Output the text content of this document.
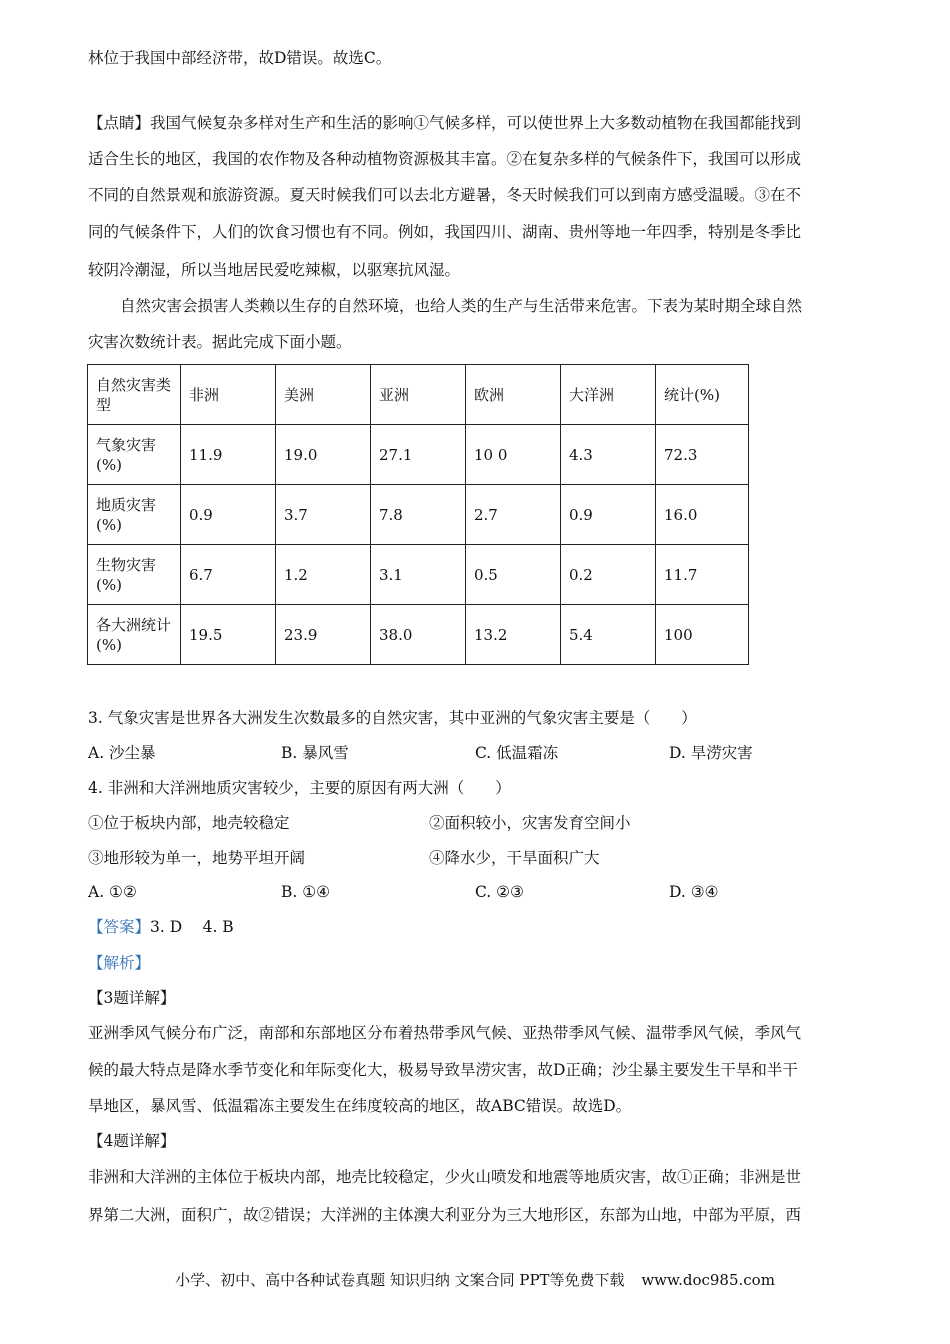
林位于我国中部经济带，故D错误。故选C。
【点睛】我国气候复杂多样对生产和生活的影响①气候多样，可以使世界上大多数动植物在我国都能找到
适合生长的地区，我国的农作物及各种动植物资源极其丰富。②在复杂多样的气候条件下，我国可以形成
不同的自然景观和旅游资源。夏天时候我们可以去北方避暑，冬天时候我们可以到南方感受温暖。③在不
同的气候条件下，人们的饮食习惯也有不同。例如，我国四川、湖南、贵州等地一年四季，特别是冬季比
较阴冷潮湿，所以当地居民爱吃辣椒，以驱寒抗风湿。
自然灾害会损害人类赖以生存的自然环境，也给人类的生产与生活带来危害。下表为某时期全球自然
灾害次数统计表。据此完成下面小题。
自然灾害类型	非洲	美洲	亚洲	欧洲	大洋洲	统计(%)
气象灾害(%)	11.9	19.0	27.1	10 0	4.3	72.3
地质灾害(%)	0.9	3.7	7.8	2.7	0.9	16.0
生物灾害(%)	6.7	1.2	3.1	0.5	0.2	11.7
各大洲统计(%)	19.5	23.9	38.0	13.2	5.4	100
3. 气象灾害是世界各大洲发生次数最多的自然灾害，其中亚洲的气象灾害主要是（　　）
A. 沙尘暴	B. 暴风雪	C. 低温霜冻	D. 旱涝灾害
4. 非洲和大洋洲地质灾害较少，主要的原因有两大洲（　　）
①位于板块内部，地壳较稳定	②面积较小，灾害发育空间小
③地形较为单一，地势平坦开阔	④降水少，干旱面积广大
A. ①②	B. ①④	C. ②③	D. ③④
【答案】3. D　 4. B
【解析】
【3题详解】
亚洲季风气候分布广泛，南部和东部地区分布着热带季风气候、亚热带季风气候、温带季风气候，季风气
候的最大特点是降水季节变化和年际变化大，极易导致旱涝灾害，故D正确；沙尘暴主要发生干旱和半干
旱地区，暴风雪、低温霜冻主要发生在纬度较高的地区，故ABC错误。故选D。
【4题详解】
非洲和大洋洲的主体位于板块内部，地壳比较稳定，少火山喷发和地震等地质灾害，故①正确；非洲是世
界第二大洲，面积广，故②错误；大洋洲的主体澳大利亚分为三大地形区，东部为山地，中部为平原，西
小学、初中、高中各种试卷真题 知识归纳 文案合同 PPT等免费下载 www.doc985.com
